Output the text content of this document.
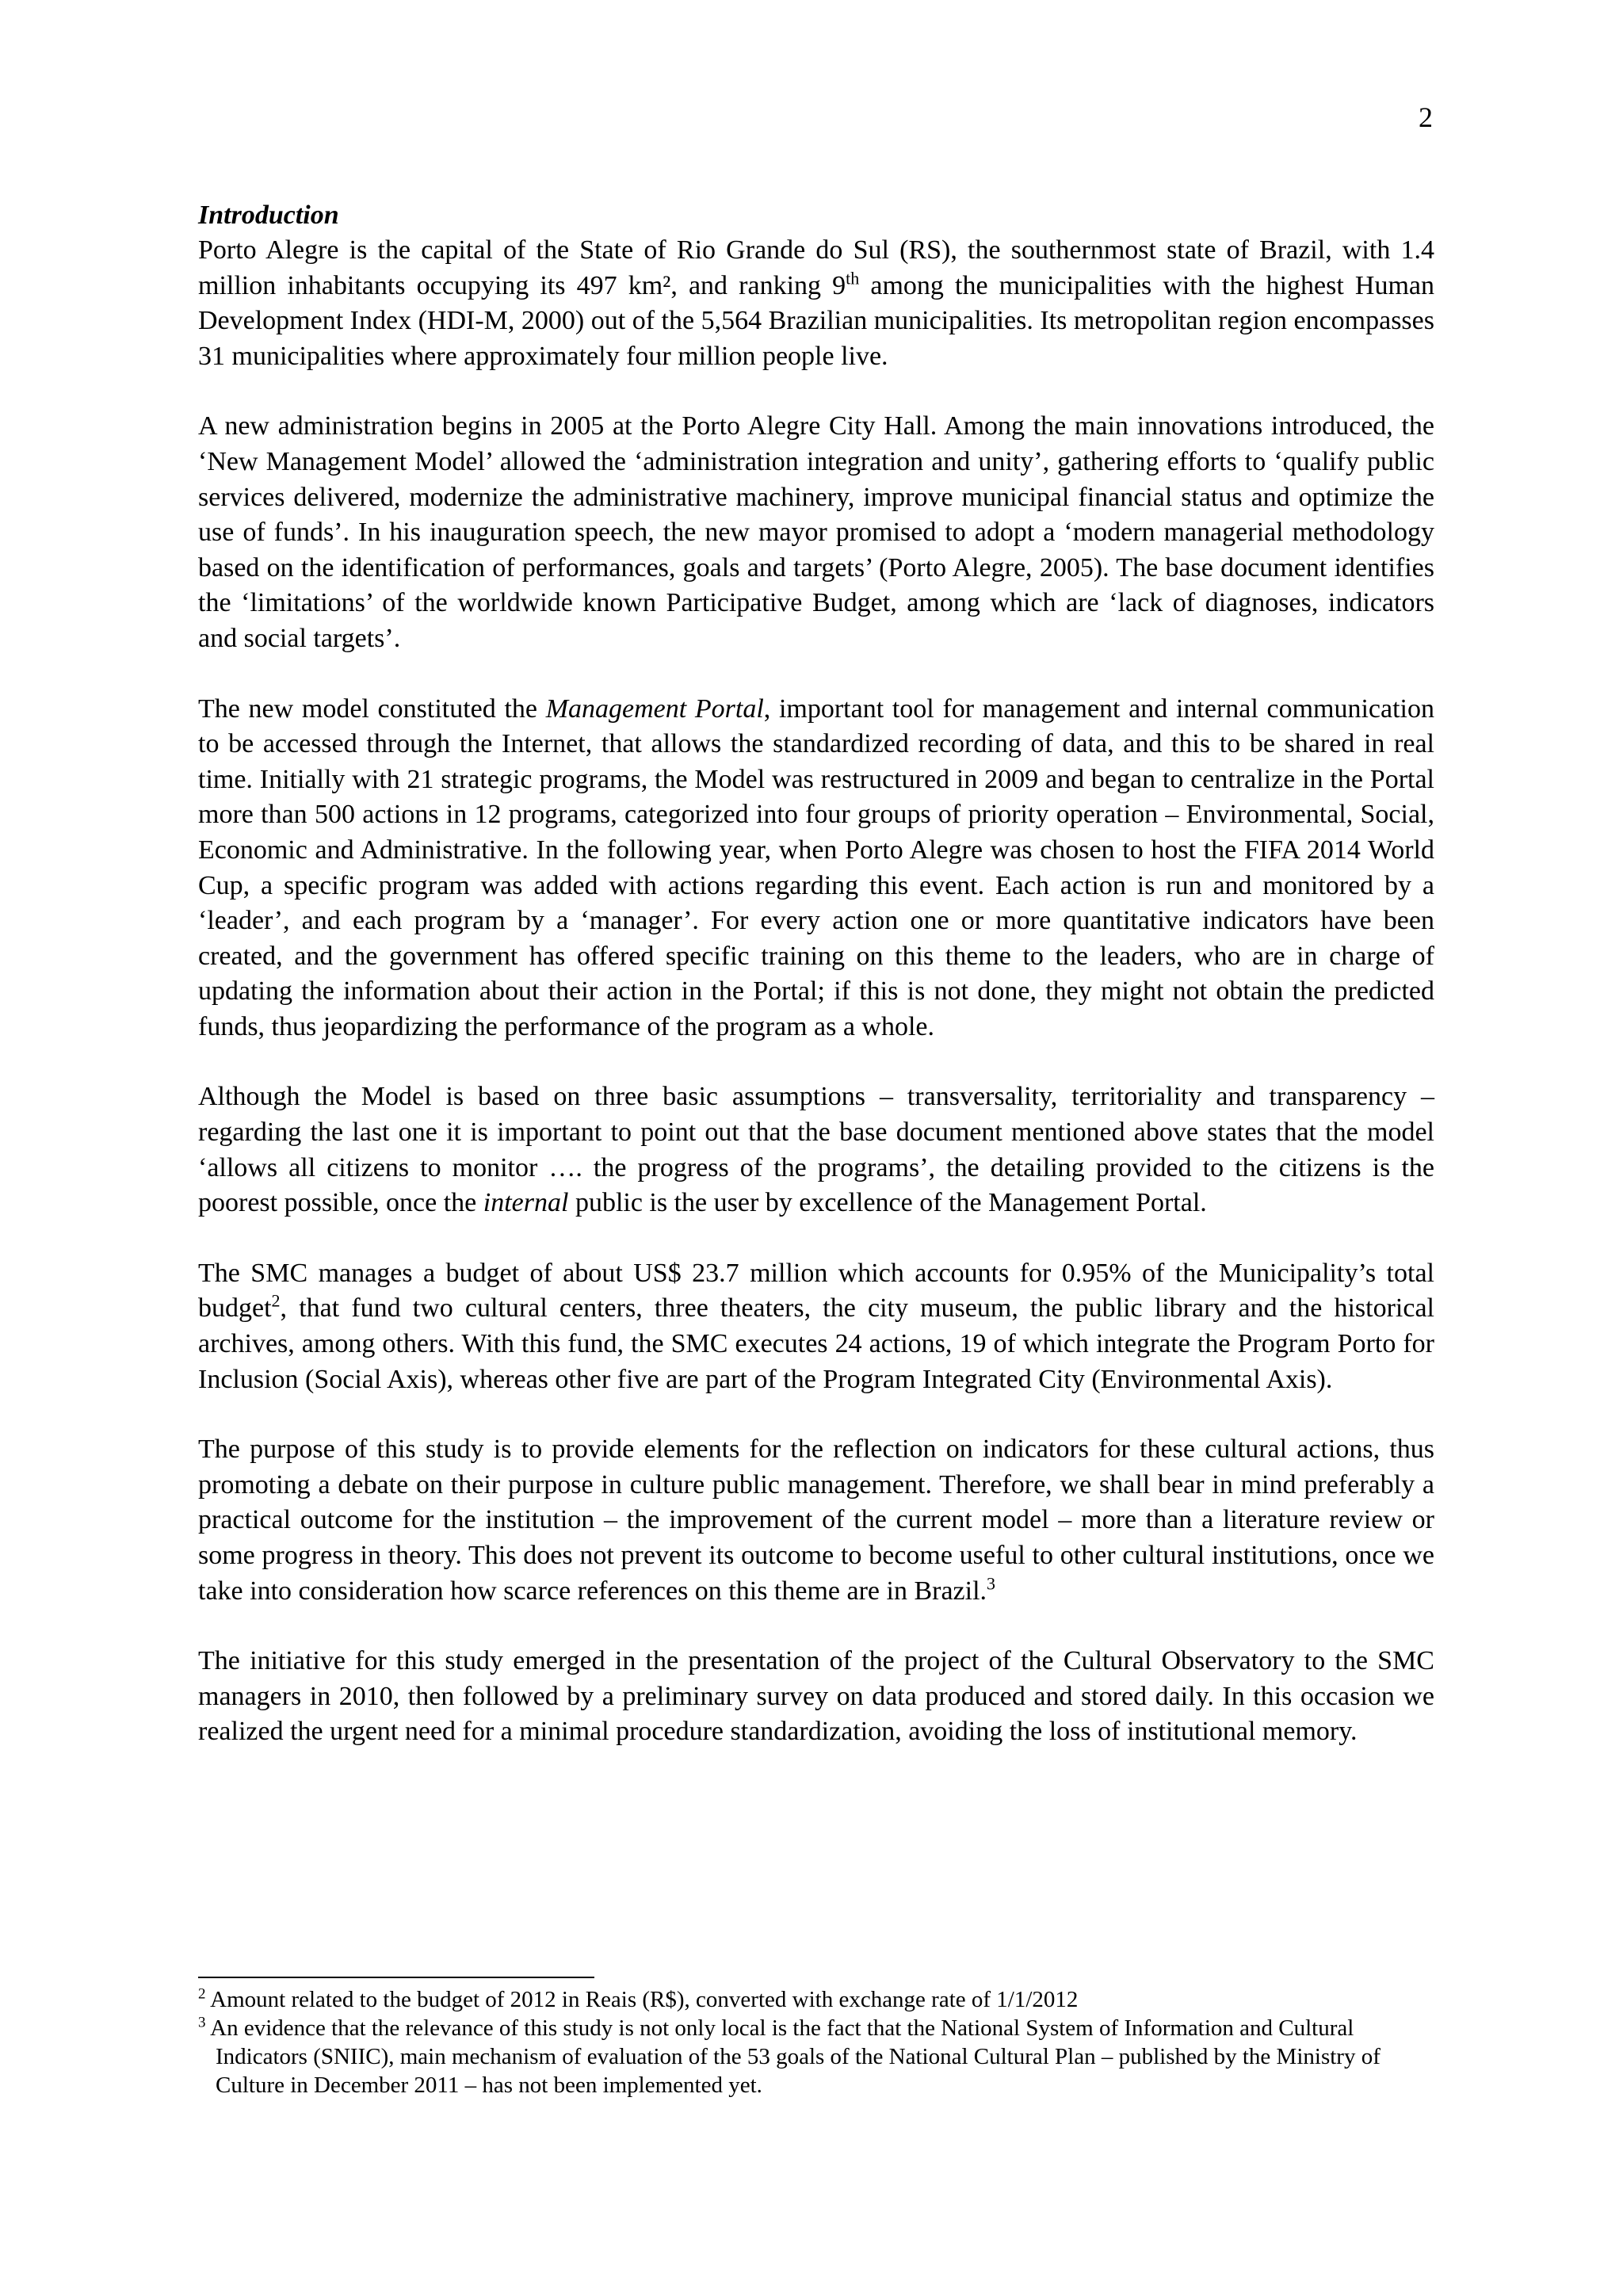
2
Introduction

Porto Alegre is the capital of the State of Rio Grande do Sul (RS), the southernmost state of Brazil, with 1.4 million inhabitants occupying its 497 km², and ranking 9th among the municipalities with the highest Human Development Index (HDI-M, 2000) out of the 5,564 Brazilian municipalities. Its metropolitan region encompasses 31 municipalities where approximately four million people live.

A new administration begins in 2005 at the Porto Alegre City Hall. Among the main innovations introduced, the ‘New Management Model’ allowed the ‘administration integration and unity’, gathering efforts to ‘qualify public services delivered, modernize the administrative machinery, improve municipal financial status and optimize the use of funds’. In his inauguration speech, the new mayor promised to adopt a ‘modern managerial methodology based on the identification of performances, goals and targets’ (Porto Alegre, 2005). The base document identifies the ‘limitations’ of the worldwide known Participative Budget, among which are ‘lack of diagnoses, indicators and social targets’.

The new model constituted the Management Portal, important tool for management and internal communication to be accessed through the Internet, that allows the standardized recording of data, and this to be shared in real time. Initially with 21 strategic programs, the Model was restructured in 2009 and began to centralize in the Portal more than 500 actions in 12 programs, categorized into four groups of priority operation – Environmental, Social, Economic and Administrative. In the following year, when Porto Alegre was chosen to host the FIFA 2014 World Cup, a specific program was added with actions regarding this event. Each action is run and monitored by a ‘leader’, and each program by a ‘manager’. For every action one or more quantitative indicators have been created, and the government has offered specific training on this theme to the leaders, who are in charge of updating the information about their action in the Portal; if this is not done, they might not obtain the predicted funds, thus jeopardizing the performance of the program as a whole.

Although the Model is based on three basic assumptions – transversality, territoriality and transparency – regarding the last one it is important to point out that the base document mentioned above states that the model ‘allows all citizens to monitor …. the progress of the programs’, the detailing provided to the citizens is the poorest possible, once the internal public is the user by excellence of the Management Portal.

The SMC manages a budget of about US$ 23.7 million which accounts for 0.95% of the Municipality’s total budget$^2$, that fund two cultural centers, three theaters, the city museum, the public library and the historical archives, among others. With this fund, the SMC executes 24 actions, 19 of which integrate the Program Porto for Inclusion (Social Axis), whereas other five are part of the Program Integrated City (Environmental Axis).

The purpose of this study is to provide elements for the reflection on indicators for these cultural actions, thus promoting a debate on their purpose in culture public management. Therefore, we shall bear in mind preferably a practical outcome for the institution – the improvement of the current model – more than a literature review or some progress in theory. This does not prevent its outcome to become useful to other cultural institutions, once we take into consideration how scarce references on this theme are in Brazil.$^3$

The initiative for this study emerged in the presentation of the project of the Cultural Observatory to the SMC managers in 2010, then followed by a preliminary survey on data produced and stored daily. In this occasion we realized the urgent need for a minimal procedure standardization, avoiding the loss of institutional memory.

$^2$ Amount related to the budget of 2012 in Reais (R$), converted with exchange rate of 1/1/2012

$^3$ An evidence that the relevance of this study is not only local is the fact that the National System of Information and Cultural Indicators (SNIIC), main mechanism of evaluation of the 53 goals of the National Cultural Plan – published by the Ministry of Culture in December 2011 – has not been implemented yet.
